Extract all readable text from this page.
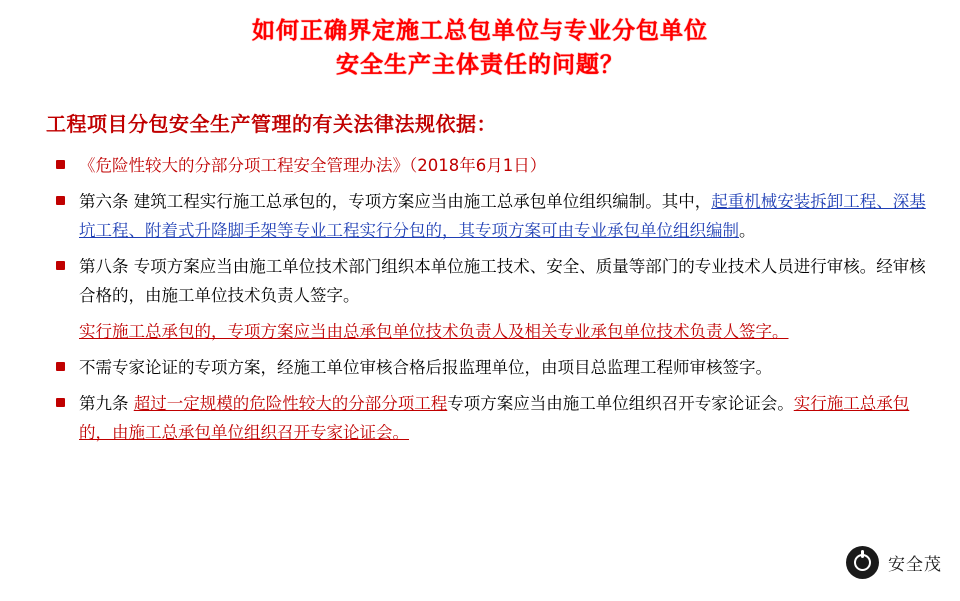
如何正确界定施工总包单位与专业分包单位
安全生产主体责任的问题？
工程项目分包安全生产管理的有关法律法规依据：
《危险性较大的分部分项工程安全管理办法》（2018年6月1日）
第六条 建筑工程实行施工总承包的，专项方案应当由施工总承包单位组织编制。其中，起重机械安装拆卸工程、深基坑工程、附着式升降脚手架等专业工程实行分包的，其专项方案可由专业承包单位组织编制。
第八条 专项方案应当由施工单位技术部门组织本单位施工技术、安全、质量等部门的专业技术人员进行审核。经审核合格的，由施工单位技术负责人签字。
实行施工总承包的，专项方案应当由总承包单位技术负责人及相关专业承包单位技术负责人签字。
不需专家论证的专项方案，经施工单位审核合格后报监理单位，由项目总监理工程师审核签字。
第九条 超过一定规模的危险性较大的分部分项工程专项方案应当由施工单位组织召开专家论证会。实行施工总承包的，由施工总承包单位组织召开专家论证会。
安全茂
